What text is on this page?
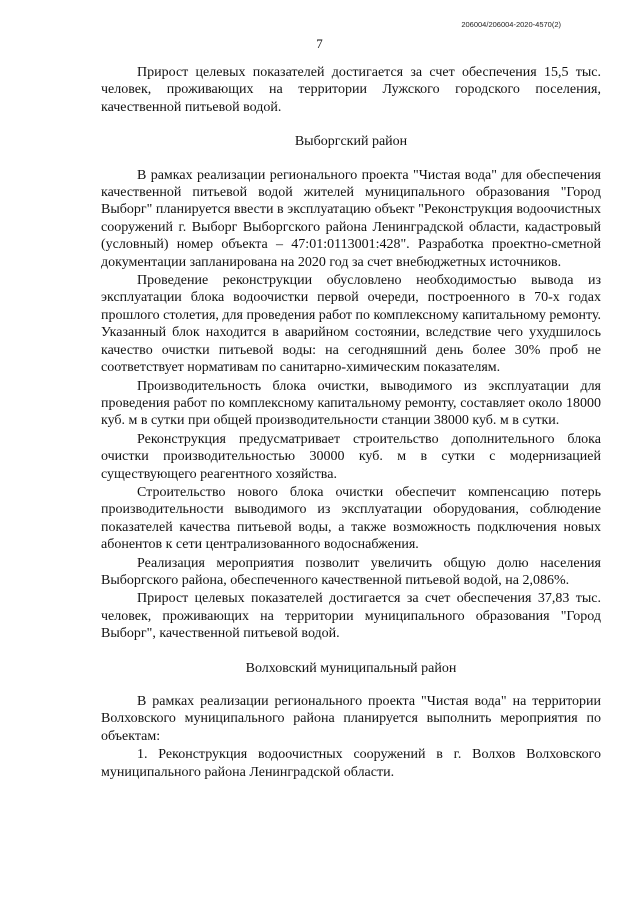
206004/206004-2020-4570(2)
7

Прирост целевых показателей достигается за счет обеспечения 15,5 тыс. человек, проживающих на территории Лужского городского поселения, качественной питьевой водой.

Выборгский район

В рамках реализации регионального проекта "Чистая вода" для обеспечения качественной питьевой водой жителей муниципального образования "Город Выборг" планируется ввести в эксплуатацию объект "Реконструкция водоочистных сооружений г. Выборг Выборгского района Ленинградской области, кадастровый (условный) номер объекта – 47:01:0113001:428". Разработка проектно-сметной документации запланирована на 2020 год за счет внебюджетных источников.

Проведение реконструкции обусловлено необходимостью вывода из эксплуатации блока водоочистки первой очереди, построенного в 70-х годах прошлого столетия, для проведения работ по комплексному капитальному ремонту. Указанный блок находится в аварийном состоянии, вследствие чего ухудшилось качество очистки питьевой воды: на сегодняшний день более 30% проб не соответствует нормативам по санитарно-химическим показателям.

Производительность блока очистки, выводимого из эксплуатации для проведения работ по комплексному капитальному ремонту, составляет около 18000 куб. м в сутки при общей производительности станции 38000 куб. м в сутки.

Реконструкция предусматривает строительство дополнительного блока очистки производительностью 30000 куб. м в сутки с модернизацией существующего реагентного хозяйства.

Строительство нового блока очистки обеспечит компенсацию потерь производительности выводимого из эксплуатации оборудования, соблюдение показателей качества питьевой воды, а также возможность подключения новых абонентов к сети централизованного водоснабжения.

Реализация мероприятия позволит увеличить общую долю населения Выборгского района, обеспеченного качественной питьевой водой, на 2,086%.

Прирост целевых показателей достигается за счет обеспечения 37,83 тыс. человек, проживающих на территории муниципального образования "Город Выборг", качественной питьевой водой.

Волховский муниципальный район

В рамках реализации регионального проекта "Чистая вода" на территории Волховского муниципального района планируется выполнить мероприятия по объектам:

1. Реконструкция водоочистных сооружений в г. Волхов Волховского муниципального района Ленинградской области.
